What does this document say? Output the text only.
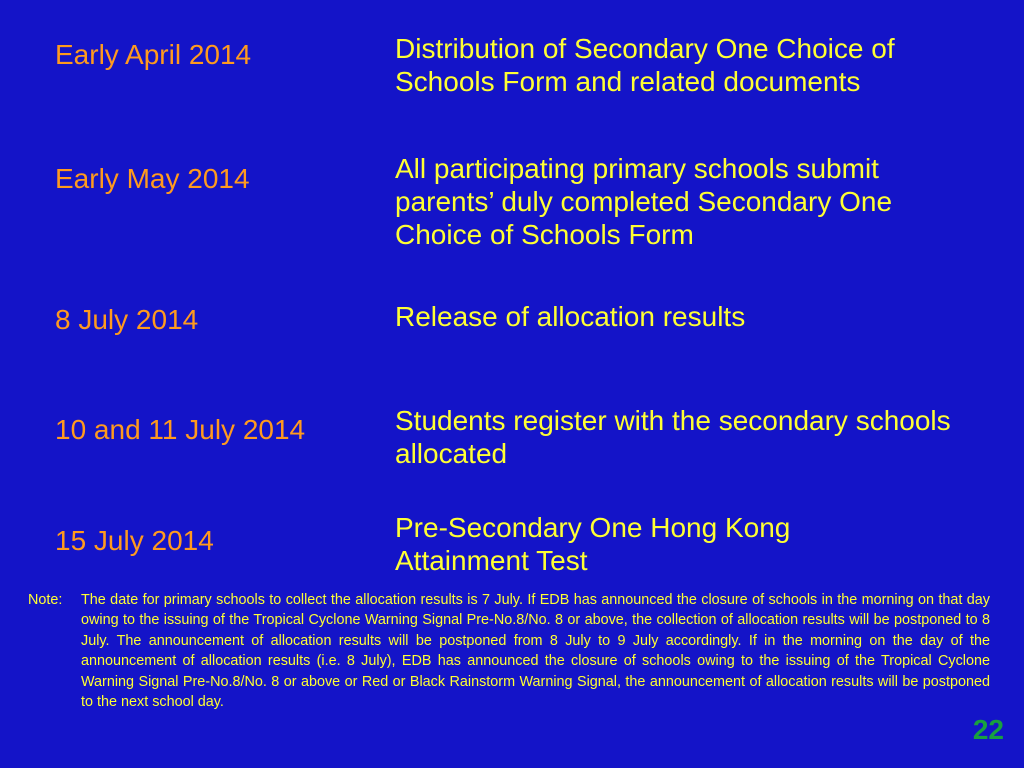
Early April 2014	Distribution of Secondary One Choice of Schools Form and related documents
Early May 2014	All participating primary schools submit parents’ duly completed Secondary One Choice of Schools Form
8 July 2014	Release of allocation results
10 and 11 July 2014	Students register with the secondary schools allocated
15 July 2014	Pre-Secondary One Hong Kong Attainment Test
Note: The date for primary schools to collect the allocation results is 7 July. If EDB has announced the closure of schools in the morning on that day owing to the issuing of the Tropical Cyclone Warning Signal Pre-No.8/No. 8 or above, the collection of allocation results will be postponed to 8 July. The announcement of allocation results will be postponed from 8 July to 9 July accordingly. If in the morning on the day of the announcement of allocation results (i.e. 8 July), EDB has announced the closure of schools owing to the issuing of the Tropical Cyclone Warning Signal Pre-No.8/No. 8 or above or Red or Black Rainstorm Warning Signal, the announcement of allocation results will be postponed to the next school day.
22
